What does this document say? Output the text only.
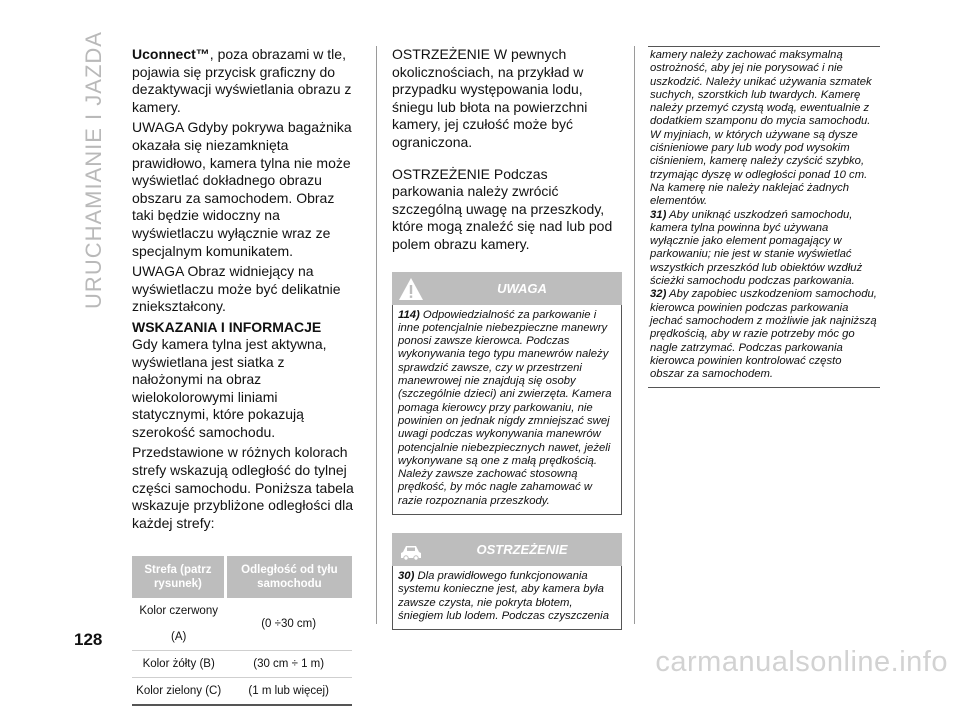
URUCHAMIANIE I JAZDA Uconnect™, poza obrazami w tle, pojawia się przycisk graficzny do dezaktywacji wyświetlania obrazu z kamery.

UWAGA Gdyby pokrywa bagażnika okazała się niezamknięta prawidłowo, kamera tylna nie może wyświetlać dokładnego obrazu obszaru za samochodem. Obraz taki będzie widoczny na wyświetlaczu wyłącznie wraz ze specjalnym komunikatem.

UWAGA Obraz widniejący na wyświetlaczu może być delikatnie zniekształcony.

WSKAZANIA I INFORMACJE

Gdy kamera tylna jest aktywna, wyświetlana jest siatka z nałożonymi na obraz wielokolorowymi liniami statycznymi, które pokazują szerokość samochodu.

Przedstawione w różnych kolorach strefy wskazują odległość do tylnej części samochodu. Poniższa tabela wskazuje przybliżone odległości dla każdej strefy:

Strefa (patrz rysunek)	Odległość od tyłu samochodu
Kolor czerwony (A)	(0 ÷30 cm)
Kolor żółty (B)	(30 cm ÷ 1 m)
Kolor zielony (C)	(1 m lub więcej)

OSTRZEŻENIE W pewnych okolicznościach, na przykład w przypadku występowania lodu, śniegu lub błota na powierzchni kamery, jej czułość może być ograniczona.

OSTRZEŻENIE Podczas parkowania należy zwrócić szczególną uwagę na przeszkody, które mogą znaleźć się nad lub pod polem obrazu kamery.

UWAGA
114) Odpowiedzialność za parkowanie i inne potencjalnie niebezpieczne manewry ponosi zawsze kierowca. Podczas wykonywania tego typu manewrów należy sprawdzić zawsze, czy w przestrzeni manewrowej nie znajdują się osoby (szczególnie dzieci) ani zwierzęta. Kamera pomaga kierowcy przy parkowaniu, nie powinien on jednak nigdy zmniejszać swej uwagi podczas wykonywania manewrów potencjalnie niebezpiecznych nawet, jeżeli wykonywane są one z małą prędkością. Należy zawsze zachować stosowną prędkość, by móc nagle zahamować w razie rozpoznania przeszkody.
OSTRZEŻENIE
30) Dla prawidłowego funkcjonowania systemu konieczne jest, aby kamera była zawsze czysta, nie pokryta błotem, śniegiem lub lodem. Podczas czyszczenia
kamery należy zachować maksymalną ostrożność, aby jej nie porysować i nie uszkodzić. Należy unikać używania szmatek suchych, szorstkich lub twardych. Kamerę należy przemyć czystą wodą, ewentualnie z dodatkiem szamponu do mycia samochodu. W myjniach, w których używane są dysze ciśnieniowe pary lub wody pod wysokim ciśnieniem, kamerę należy czyścić szybko, trzymając dyszę w odległości ponad 10 cm. Na kamerę nie należy naklejać żadnych elementów.
31) Aby uniknąć uszkodzeń samochodu, kamera tylna powinna być używana wyłącznie jako element pomagający w parkowaniu; nie jest w stanie wyświetlać wszystkich przeszkód lub obiektów wzdłuż ścieżki samochodu podczas parkowania.
32) Aby zapobiec uszkodzeniom samochodu, kierowca powinien podczas parkowania jechać samochodem z możliwie jak najniższą prędkością, aby w razie potrzeby móc go nagle zatrzymać. Podczas parkowania kierowca powinien kontrolować często obszar za samochodem.
128
carmanualsonline.info
